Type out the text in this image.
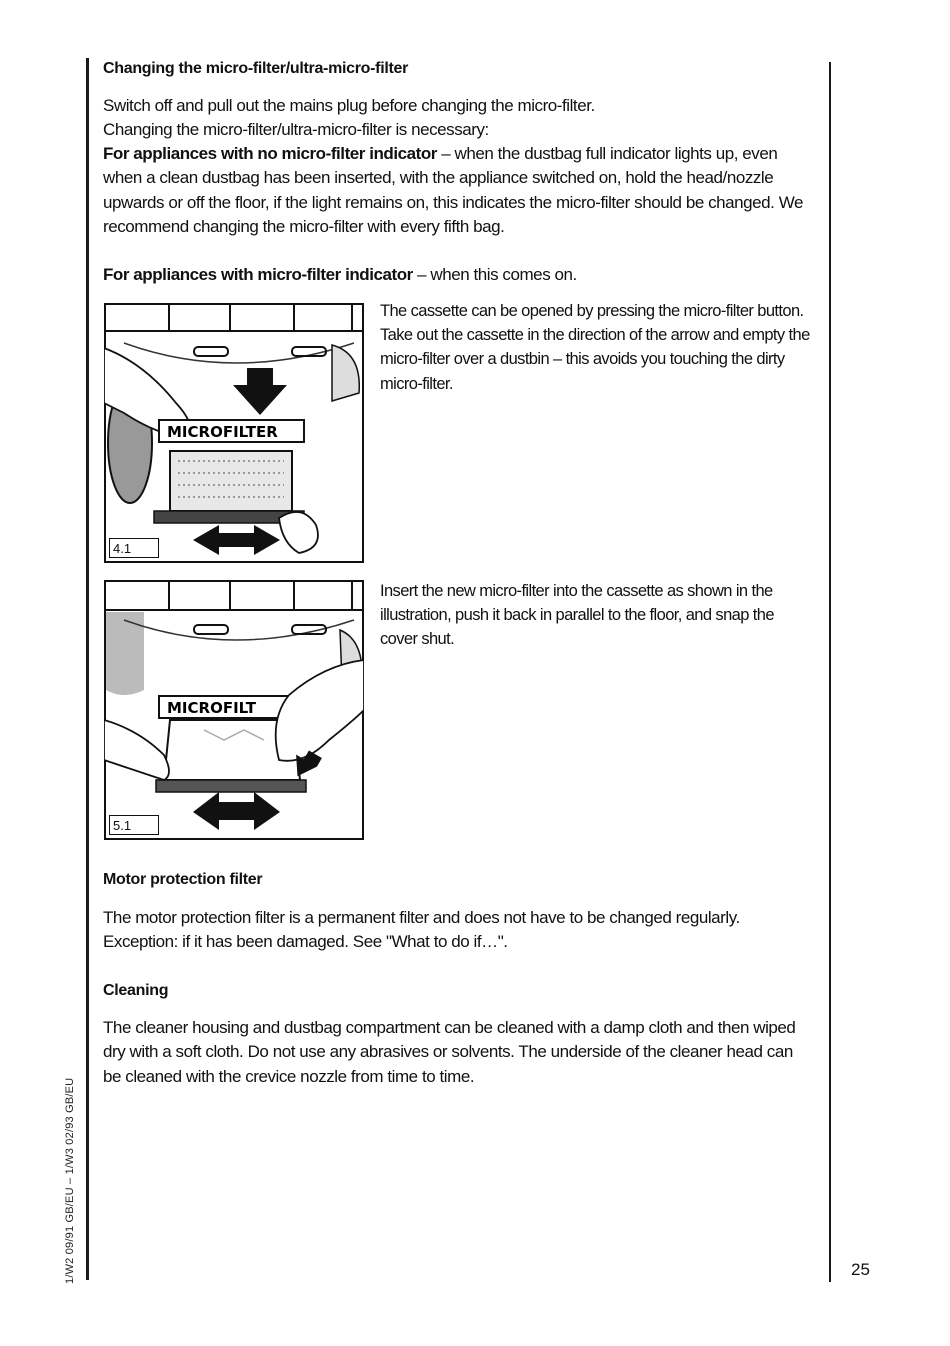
Changing the micro-filter/ultra-micro-filter

Switch off and pull out the mains plug before changing the micro-filter.

Changing the micro-filter/ultra-micro-filter is necessary:

For appliances with no micro-filter indicator – when the dustbag full indicator lights up, even when a clean dustbag has been inserted, with the appliance switched on, hold the head/nozzle upwards or off the floor, if the light remains on, this indicates the micro-filter should be changed. We recommend changing the micro-filter with every fifth bag.

For appliances with micro-filter indicator – when this comes on.

MICROFILTER
4.1

The cassette can be opened by pressing the micro-filter button. Take out the cassette in the direction of the arrow and empty the micro-filter over a dustbin – this avoids you touching the dirty micro-filter.

MICROFILT
5.1

Insert the new micro-filter into the cassette as shown in the illustration, push it back in parallel to the floor, and snap the cover shut.

Motor protection filter

The motor protection filter is a permanent filter and does not have to be changed regularly. Exception: if it has been damaged. See "What to do if…".

Cleaning

The cleaner housing and dustbag compartment can be cleaned with a damp cloth and then wiped dry with a soft cloth. Do not use any abrasives or solvents. The underside of the cleaner head can be cleaned with the crevice nozzle from time to time.

1/W2 09/91 GB/EU – 1/W3 02/93 GB/EU	25
